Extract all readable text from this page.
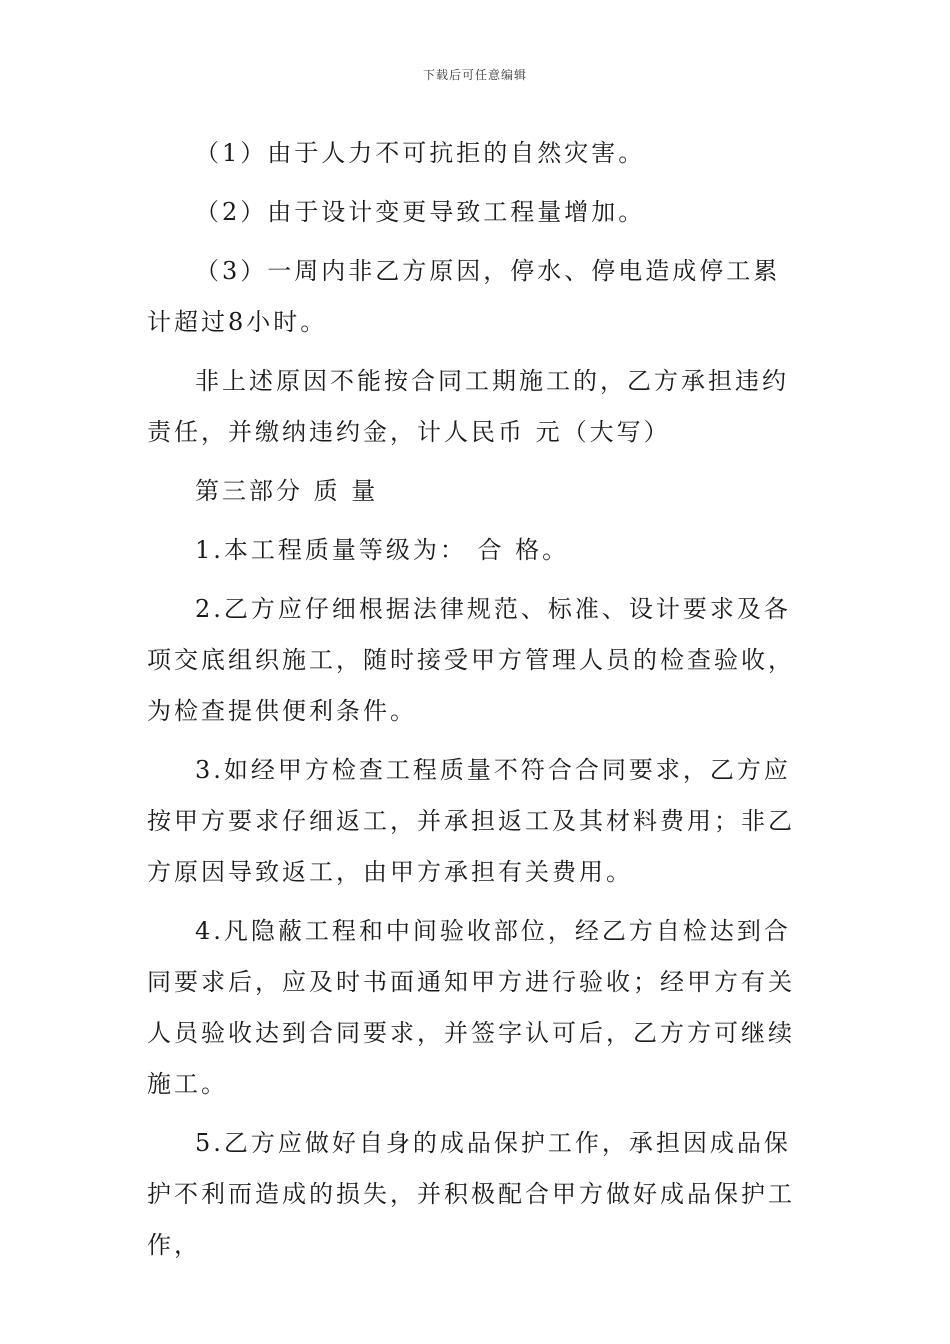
下载后可任意编辑

（1）由于人力不可抗拒的自然灾害。

（2）由于设计变更导致工程量增加。

（3）一周内非乙方原因，停水、停电造成停工累计超过8小时。

非上述原因不能按合同工期施工的，乙方承担违约责任，并缴纳违约金，计人民币 元（大写）

第三部分 质 量

1.本工程质量等级为： 合 格。

2.乙方应仔细根据法律规范、标准、设计要求及各项交底组织施工，随时接受甲方管理人员的检查验收，为检查提供便利条件。

3.如经甲方检查工程质量不符合合同要求，乙方应按甲方要求仔细返工，并承担返工及其材料费用；非乙方原因导致返工，由甲方承担有关费用。

4.凡隐蔽工程和中间验收部位，经乙方自检达到合同要求后，应及时书面通知甲方进行验收；经甲方有关人员验收达到合同要求，并签字认可后，乙方方可继续施工。

5.乙方应做好自身的成品保护工作，承担因成品保护不利而造成的损失，并积极配合甲方做好成品保护工作，
